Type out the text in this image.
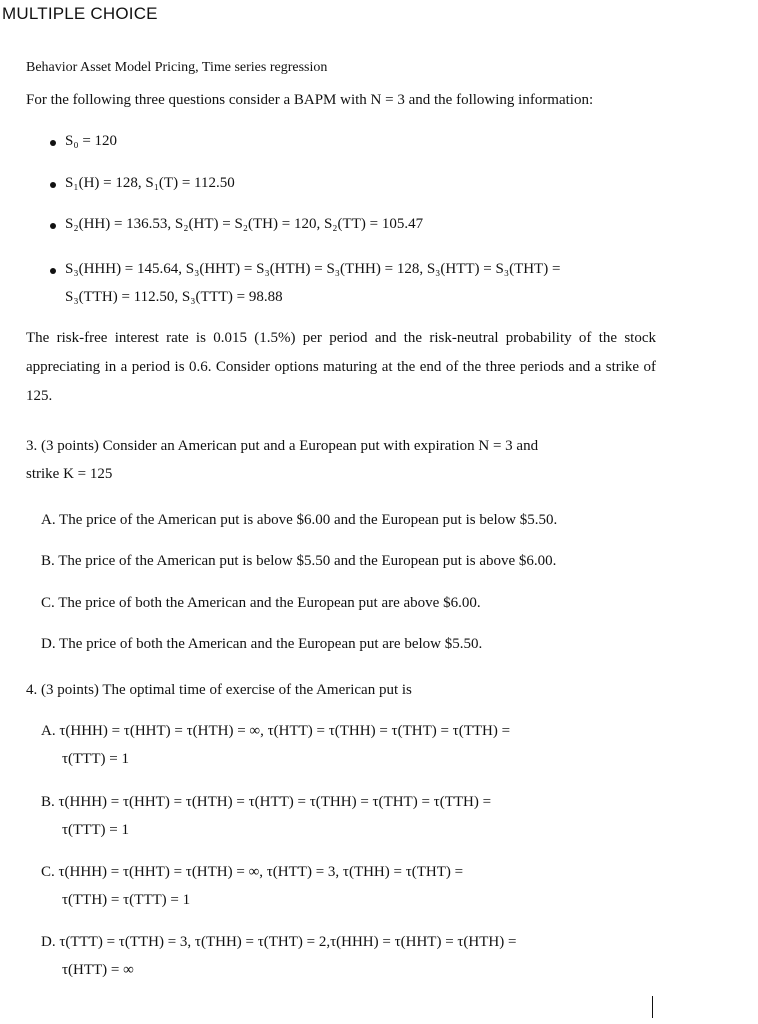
MULTIPLE CHOICE
Behavior Asset Model Pricing, Time series regression
For the following three questions consider a BAPM with N = 3 and the following information:
S₀ = 120
S₁(H) = 128, S₁(T) = 112.50
S₂(HH) = 136.53, S₂(HT) = S₂(TH) = 120, S₂(TT) = 105.47
S₃(HHH) = 145.64, S₃(HHT) = S₃(HTH) = S₃(THH) = 128, S₃(HTT) = S₃(THT) =
S₃(TTH) = 112.50, S₃(TTT) = 98.88
The risk-free interest rate is 0.015 (1.5%) per period and the risk-neutral probability of the stock appreciating in a period is 0.6. Consider options maturing at the end of the three periods and a strike of 125.
3. (3 points) Consider an American put and a European put with expiration N = 3 and
strike K = 125
A. The price of the American put is above $6.00 and the European put is below $5.50.
B. The price of the American put is below $5.50 and the European put is above $6.00.
C. The price of both the American and the European put are above $6.00.
D. The price of both the American and the European put are below $5.50.
4. (3 points) The optimal time of exercise of the American put is
A. τ(HHH) = τ(HHT) = τ(HTH) = ∞, τ(HTT) = τ(THH) = τ(THT) = τ(TTH) =
τ(TTT) = 1
B. τ(HHH) = τ(HHT) = τ(HTH) = τ(HTT) = τ(THH) = τ(THT) = τ(TTH) =
τ(TTT) = 1
C. τ(HHH) = τ(HHT) = τ(HTH) = ∞, τ(HTT) = 3, τ(THH) = τ(THT) =
τ(TTH) = τ(TTT) = 1
D. τ(TTT) = τ(TTH) = 3, τ(THH) = τ(THT) = 2,τ(HHH) = τ(HHT) = τ(HTH) =
τ(HTT) = ∞
